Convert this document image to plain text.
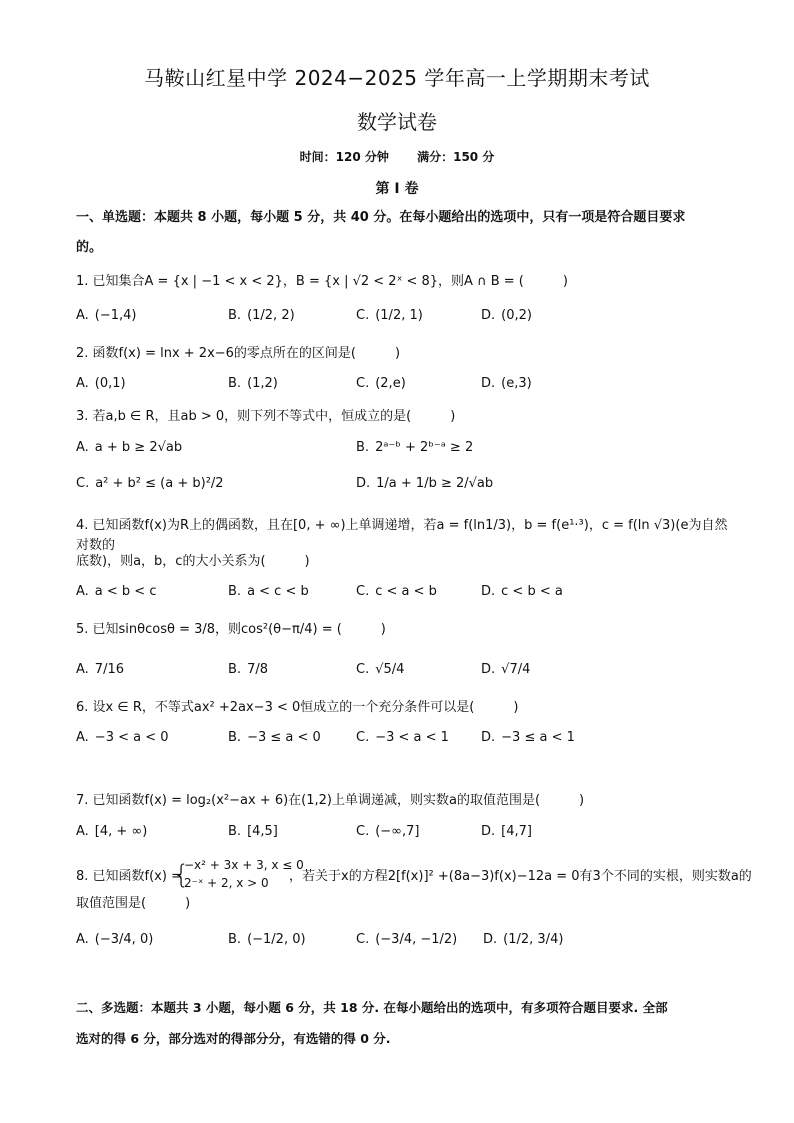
马鞍山红星中学 2024−2025 学年高一上学期期末考试
数学试卷
时间：120 分钟 满分：150 分
第 I 卷
一、单选题：本题共 8 小题，每小题 5 分，共 40 分。在每小题给出的选项中，只有一项是符合题目要求
的。
1. 已知集合A = {x | −1 < x < 2}，B = {x | √2 < 2ˣ < 8}，则A ∩ B = (　　　)
A. (−1,4)	B. (1/2, 2)	C. (1/2, 1)	D. (0,2)
2. 函数f(x) = lnx + 2x−6的零点所在的区间是(　　　)
A. (0,1)	B. (1,2)	C. (2,e)	D. (e,3)
3. 若a,b ∈ R，且ab > 0，则下列不等式中，恒成立的是(　　　)
A. a + b ≥ 2√ab	B. 2ᵃ⁻ᵇ + 2ᵇ⁻ᵃ ≥ 2
C. a² + b² ≤ (a + b)²/2	D. 1/a + 1/b ≥ 2/√ab
4. 已知函数f(x)为R上的偶函数，且在[0, + ∞)上单调递增，若a = f(ln1/3)，b = f(e¹·³)，c = f(ln √3)(e为自然对数的
底数)，则a，b，c的大小关系为(　　　)
A. a < b < c	B. a < c < b	C. c < a < b	D. c < b < a
5. 已知sinθcosθ = 3/8，则cos²(θ−π/4) = (　　　)
A. 7/16	B. 7/8	C. √5/4	D. √7/4
6. 设x ∈ R，不等式ax² +2ax−3 < 0恒成立的一个充分条件可以是(　　　)
A. −3 < a < 0	B. −3 ≤ a < 0	C. −3 < a < 1 D. −3 ≤ a < 1
7. 已知函数f(x) = log₂(x²−ax + 6)在(1,2)上单调递减，则实数a的取值范围是(　　　)
A. [4, + ∞)	B. [4,5]	C. (−∞,7]	D. [4,7]
8. 已知函数f(x) =
{
−x² + 3x + 3, x ≤ 0
2⁻ˣ + 2, x > 0 ，若关于x的方程2[f(x)]² +(8a−3)f(x)−12a = 0有3个不同的实根，则实数a的
取值范围是(　　　)
A. (−3/4, 0)	B. (−1/2, 0)	C. (−3/4, −1/2) D. (1/2, 3/4)
二、多选题：本题共 3 小题，每小题 6 分，共 18 分. 在每小题给出的选项中，有多项符合题目要求. 全部
选对的得 6 分，部分选对的得部分分，有选错的得 0 分.
